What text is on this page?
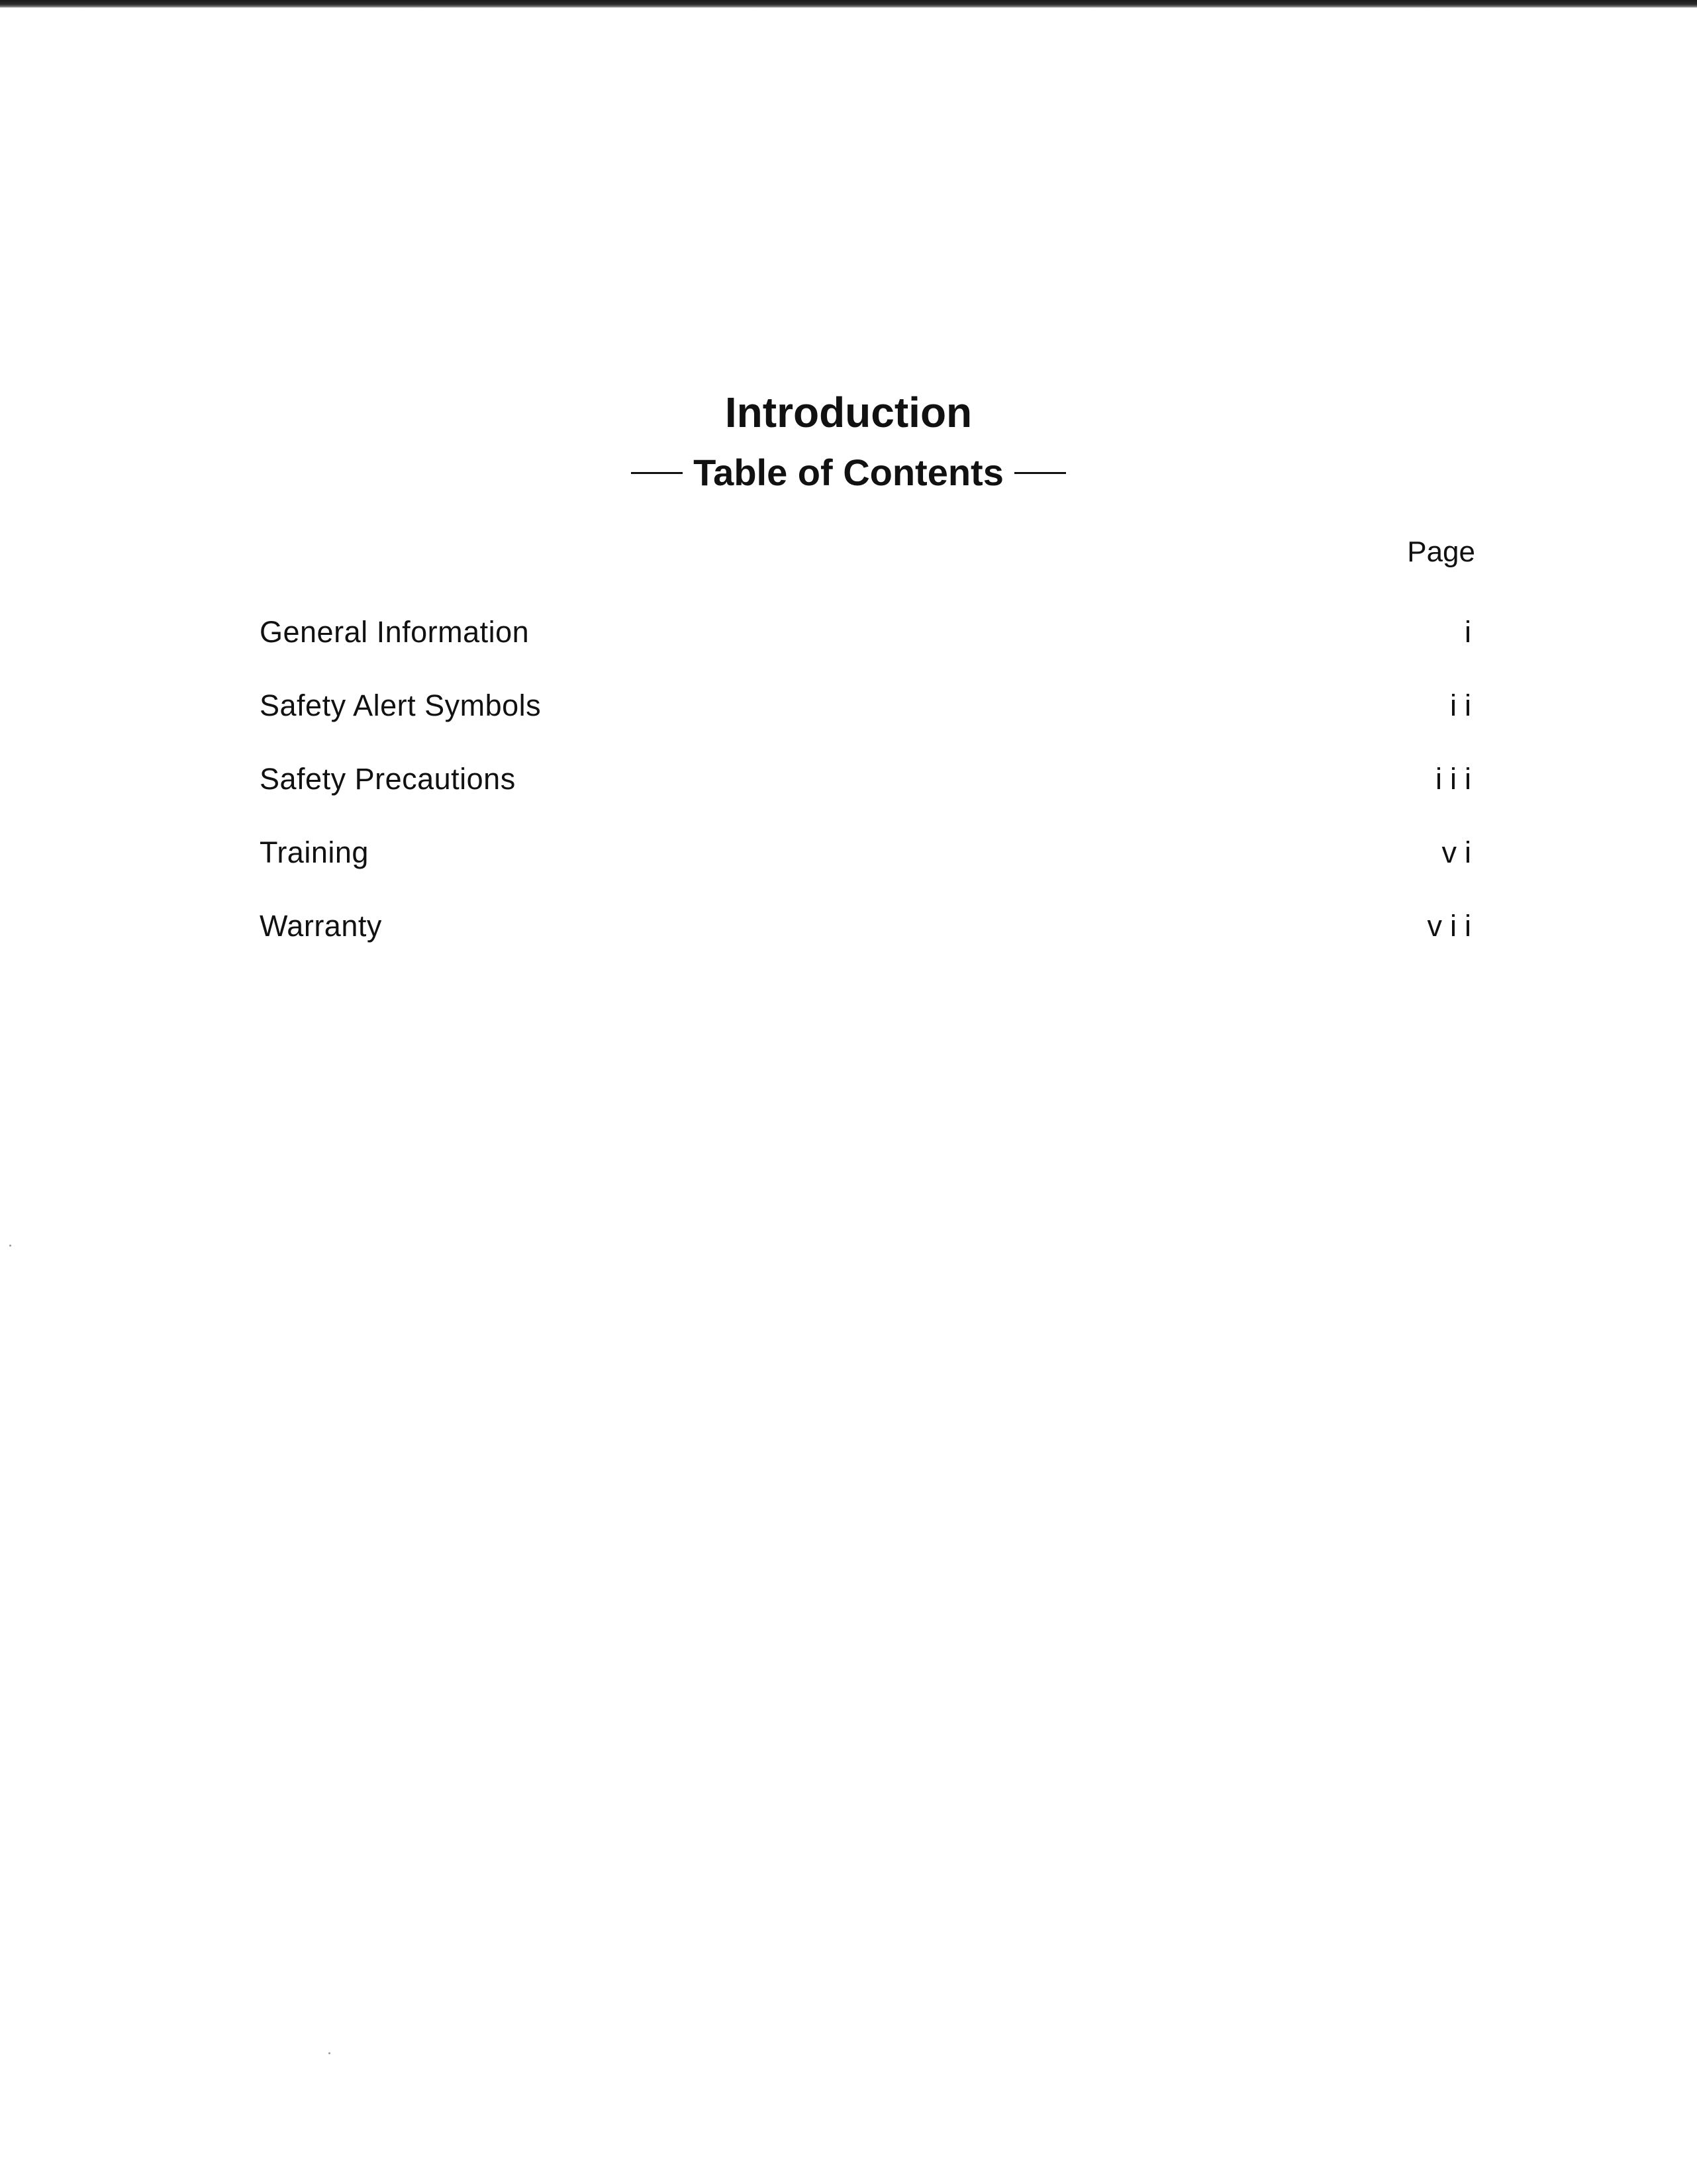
Introduction
Table of Contents
Page
General Information	i
Safety Alert Symbols	ii
Safety Precautions	iii
Training	vi
Warranty	vii
